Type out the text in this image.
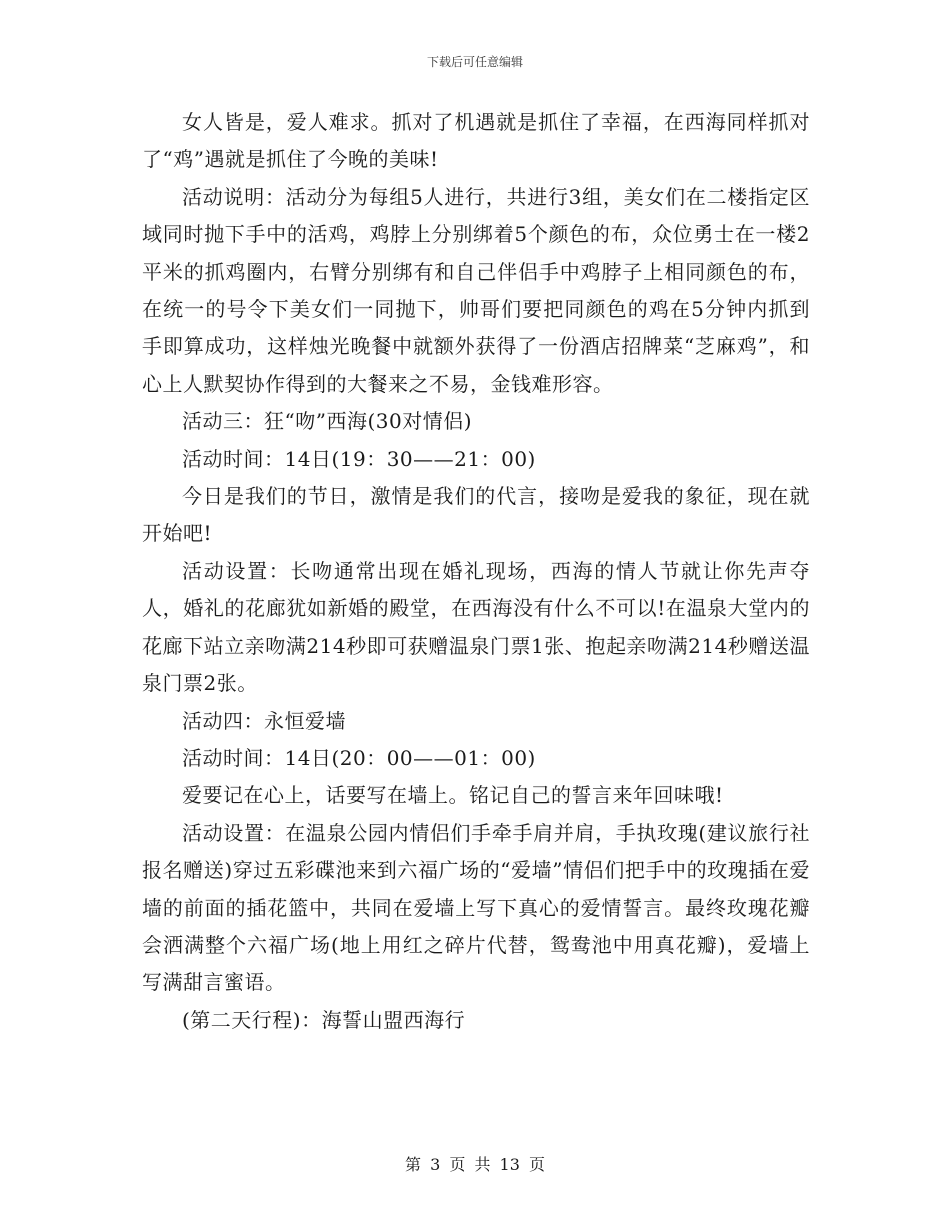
下载后可任意编辑

女人皆是，爱人难求。抓对了机遇就是抓住了幸福，在西海同样抓对了“鸡”遇就是抓住了今晚的美味!

活动说明：活动分为每组5人进行，共进行3组，美女们在二楼指定区域同时抛下手中的活鸡，鸡脖上分别绑着5个颜色的布，众位勇士在一楼2平米的抓鸡圈内，右臂分别绑有和自己伴侣手中鸡脖子上相同颜色的布，在统一的号令下美女们一同抛下，帅哥们要把同颜色的鸡在5分钟内抓到手即算成功，这样烛光晚餐中就额外获得了一份酒店招牌菜“芝麻鸡”，和心上人默契协作得到的大餐来之不易，金钱难形容。

活动三：狂“吻”西海(30对情侣)

活动时间：14日(19：30——21：00)

今日是我们的节日，激情是我们的代言，接吻是爱我的象征，现在就开始吧!

活动设置：长吻通常出现在婚礼现场，西海的情人节就让你先声夺人，婚礼的花廊犹如新婚的殿堂，在西海没有什么不可以!在温泉大堂内的花廊下站立亲吻满214秒即可获赠温泉门票1张、抱起亲吻满214秒赠送温泉门票2张。

活动四：永恒爱墙

活动时间：14日(20：00——01：00)

爱要记在心上，话要写在墙上。铭记自己的誓言来年回味哦!

活动设置：在温泉公园内情侣们手牵手肩并肩，手执玫瑰(建议旅行社报名赠送)穿过五彩碟池来到六福广场的“爱墙”情侣们把手中的玫瑰插在爱墙的前面的插花篮中，共同在爱墙上写下真心的爱情誓言。最终玫瑰花瓣会洒满整个六福广场(地上用红之碎片代替，鸳鸯池中用真花瓣)，爱墙上写满甜言蜜语。

(第二天行程)：海誓山盟西海行

第 3 页 共 13 页
